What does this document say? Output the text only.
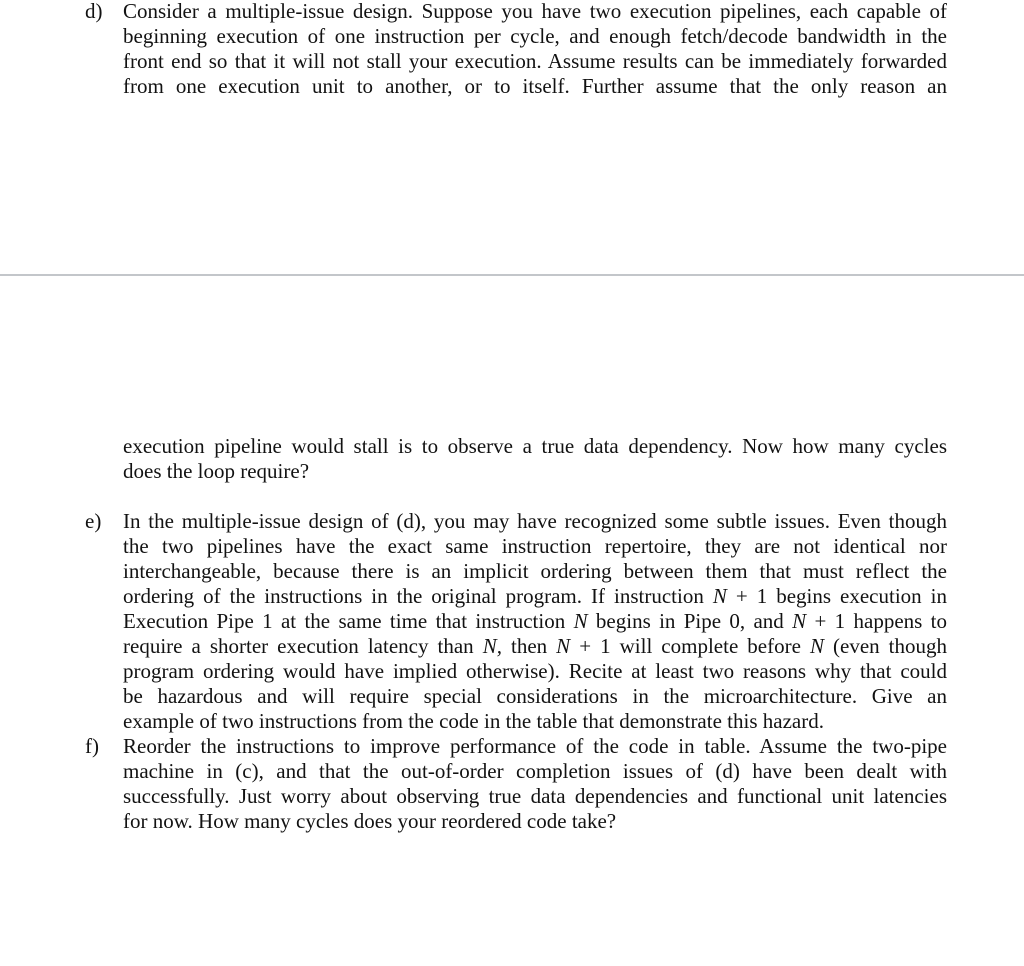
d) Consider a multiple-issue design. Suppose you have two execution pipelines, each capable of
beginning execution of one instruction per cycle, and enough fetch/decode bandwidth in the
front end so that it will not stall your execution. Assume results can be immediately forwarded
from one execution unit to another, or to itself. Further assume that the only reason an
execution pipeline would stall is to observe a true data dependency. Now how many cycles
does the loop require?
e)	In the multiple-issue design of (d), you may have recognized some subtle issues. Even though
the two pipelines have the exact same instruction repertoire, they are not identical nor
interchangeable, because there is an implicit ordering between them that must reflect the
ordering of the instructions in the original program. If instruction N + 1 begins execution in
Execution Pipe 1 at the same time that instruction N begins in Pipe 0, and N + 1 happens to
require a shorter execution latency than N, then N + 1 will complete before N (even though
program ordering would have implied otherwise). Recite at least two reasons why that could
be hazardous and will require special considerations in the microarchitecture. Give an
example of two instructions from the code in the table that demonstrate this hazard.
f)	Reorder the instructions to improve performance of the code in table. Assume the two-pipe
machine in (c), and that the out-of-order completion issues of (d) have been dealt with
successfully. Just worry about observing true data dependencies and functional unit latencies
for now. How many cycles does your reordered code take?
